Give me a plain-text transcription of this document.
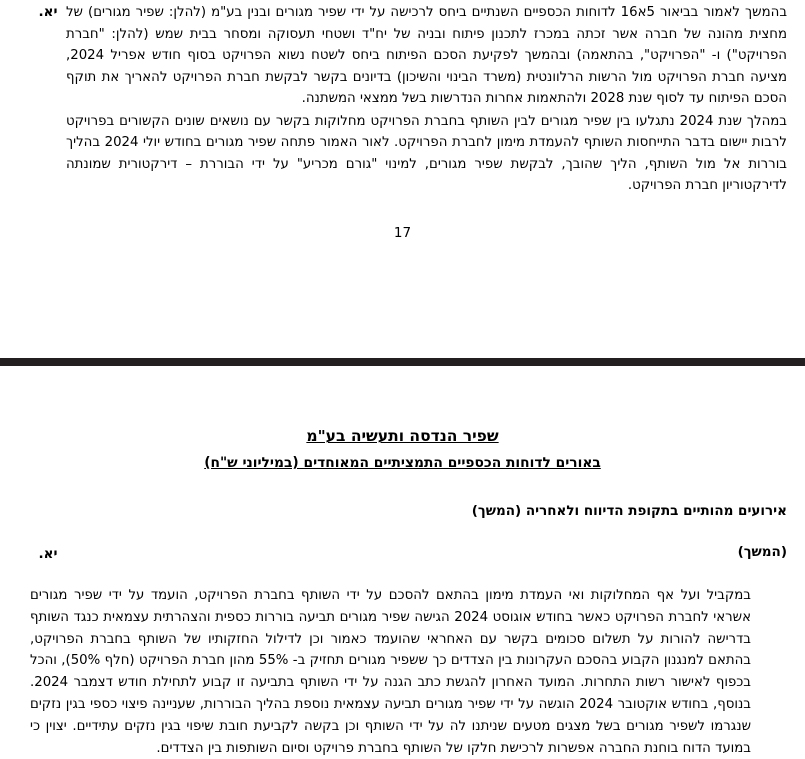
יא. בהמשך לאמור בביאור 5א16 לדוחות הכספיים השנתיים ביחס לרכישה על ידי שפיר מגורים ובנין בע"מ (להלן: שפיר מגורים) של מחצית מהונה של חברה אשר זכתה במכרז לתכנון פיתוח ובניה של יח"ד ושטחי תעסוקה ומסחר בבית שמש (להלן: "חברת הפרויקט") ו- "הפרויקט", בהתאמה) ובהמשך לפקיעת הסכם הפיתוח ביחס לשטח נשוא הפרויקט בסוף חודש אפריל 2024, מציעה חברת הפרויקט מול הרשות הרלוונטית (משרד הבינוי והשיכון) בדיונים בקשר לבקשת חברת הפרויקט להאריך את תוקף הסכם הפיתוח עד לסוף שנת 2028 ולהתאמות אחרות הנדרשות בשל ממצאי המשתנה.

במהלך שנת 2024 נתגלעו בין שפיר מגורים לבין השותף בחברת הפרויקט מחלוקות בקשר עם נושאים שונים הקשורים בפרויקט לרבות יישום בדבר התייחסות השותף להעמדת מימון לחברת הפרויקט. לאור האמור פתחה שפיר מגורים בחודש יולי 2024 בהליך בוררות אל מול השותף, הליך שהובך, לבקשת שפיר מגורים, למינוי "גורם מכריע" על ידי הבוררת – דירקטורית שמונתה לדירקטוריון חברת הפרויקט.

17
שפיר הנדסה ותעשיה בע"מ
באורים לדוחות הכספיים התמציתיים המאוחדים (במיליוני ש"ח)
אירועים מהותיים בתקופת הדיווח ולאחריה (המשך)
יא.	(המשך)

במקביל ועל אף המחלוקות ואי העמדת מימון בהתאם להסכם על ידי השותף בחברת הפרויקט, הועמד על ידי שפיר מגורים אשראי לחברת הפרויקט כאשר בחודש אוגוסט 2024 הגישה שפיר מגורים תביעה בוררות כספית והצהרתית עצמאית כנגד השותף בדרישה להורות על תשלום סכומים בקשר עם האחראי שהועמד כאמור וכן לדילול החזקותיו של השותף בחברת הפרויקט, בהתאם למנגנון הקבוע בהסכם העקרונות בין הצדדים כך ששפיר מגורים תחזיק ב- 55% מהון חברת הפרויקט (חלף 50%), והכל בכפוף לאישור רשות התחרות. המועד האחרון להגשת כתב הגנה על ידי השותף בתביעה זו קבוע לתחילת חודש דצמבר 2024. בנוסף, בחודש אוקטובר 2024 הוגשה על ידי שפיר מגורים תביעה עצמאית נוספת בהליך הבוררות, שעניינה פיצוי כספי בגין נזקים שנגרמו לשפיר מגורים בשל מצגים מטעים שניתנו לה על ידי השותף וכן בקשה לקביעת חובת שיפוי בגין נזקים עתידיים. יצוין כי במועד הדוח בוחנת החברה אפשרות לרכישת חלקו של השותף בחברת פרויקט וסיום השותפות בין הצדדים.
